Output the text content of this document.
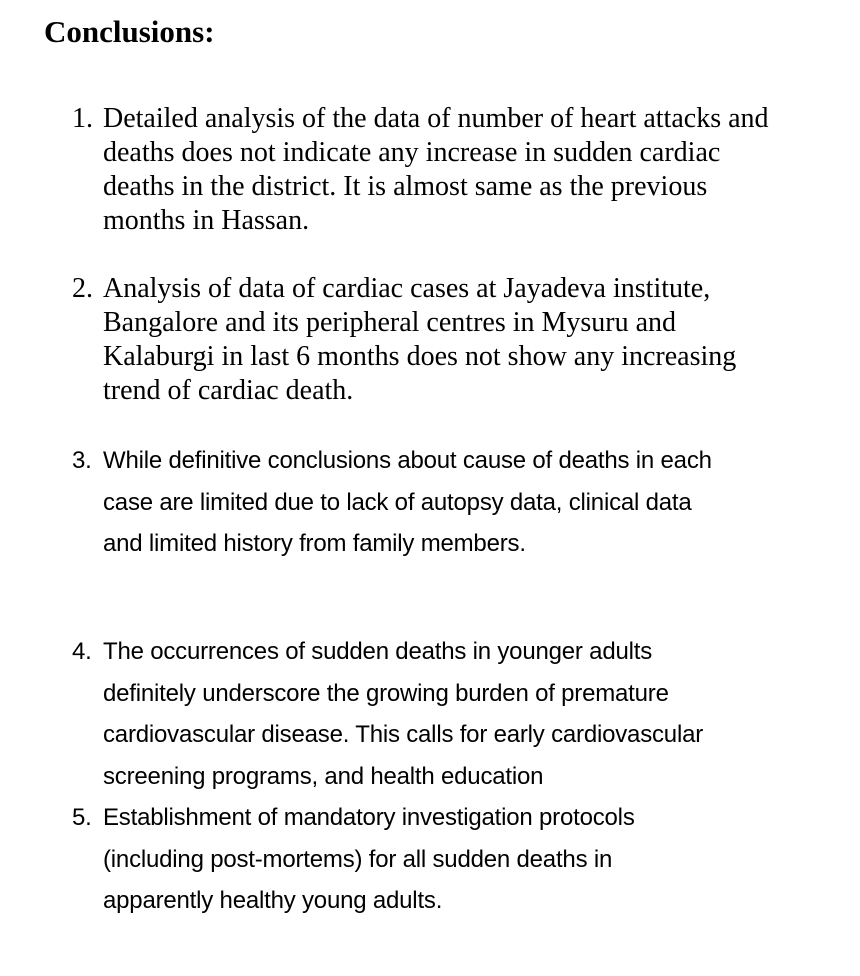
Conclusions:
1. Detailed analysis of the data of number of heart attacks and
deaths does not indicate any increase in sudden cardiac
deaths in the district. It is almost same as the previous
months in Hassan.
2. Analysis of data of cardiac cases at Jayadeva institute,
Bangalore and its peripheral centres in Mysuru and
Kalaburgi in last 6 months does not show any increasing
trend of cardiac death.
3. While definitive conclusions about cause of deaths in each
case are limited due to lack of autopsy data, clinical data
and limited history from family members.
4. The occurrences of sudden deaths in younger adults
definitely underscore the growing burden of premature
cardiovascular disease. This calls for early cardiovascular
screening programs, and health education
5. Establishment of mandatory investigation protocols
(including post-mortems) for all sudden deaths in
apparently healthy young adults.
